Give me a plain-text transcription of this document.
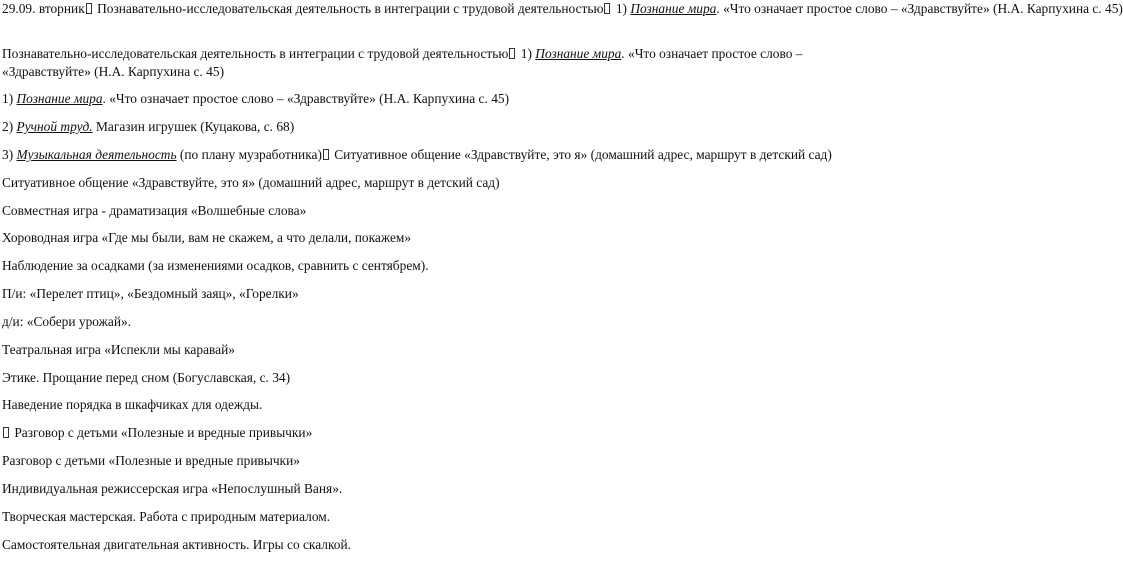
29.09. вторник Познавательно-исследовательская деятельность в интеграции с трудовой деятельностью 1) Познание мира. «Что означает простое слово – «Здравствуйте» (Н.А. Карпухина с. 45)
Познавательно-исследовательская деятельность в интеграции с трудовой деятельностью 1) Познание мира. «Что означает простое слово – «Здравствуйте» (Н.А. Карпухина с. 45)
1) Познание мира. «Что означает простое слово – «Здравствуйте» (Н.А. Карпухина с. 45)
2) Ручной труд. Магазин игрушек (Куцакова, с. 68)
3) Музыкальная деятельность (по плану музработника) Ситуативное общение «Здравствуйте, это я» (домашний адрес, маршрут в детский сад)
Ситуативное общение «Здравствуйте, это я» (домашний адрес, маршрут в детский сад)
Совместная игра - драматизация «Волшебные слова»
Хороводная игра «Где мы были, вам не скажем, а что делали, покажем»
Наблюдение за осадками (за изменениями осадков, сравнить с сентябрем).
П/и: «Перелет птиц», «Бездомный заяц», «Горелки»
д/и: «Собери урожай».
Театральная игра «Испекли мы каравай»
Этике. Прощание перед сном (Богуславская, с. 34)
Наведение порядка в шкафчиках для одежды.
Разговор с детьми «Полезные и вредные привычки»
Разговор с детьми «Полезные и вредные привычки»
Индивидуальная режиссерская игра «Непослушный Ваня».
Творческая мастерская. Работа с природным материалом.
Самостоятельная двигательная активность. Игры со скалкой.
